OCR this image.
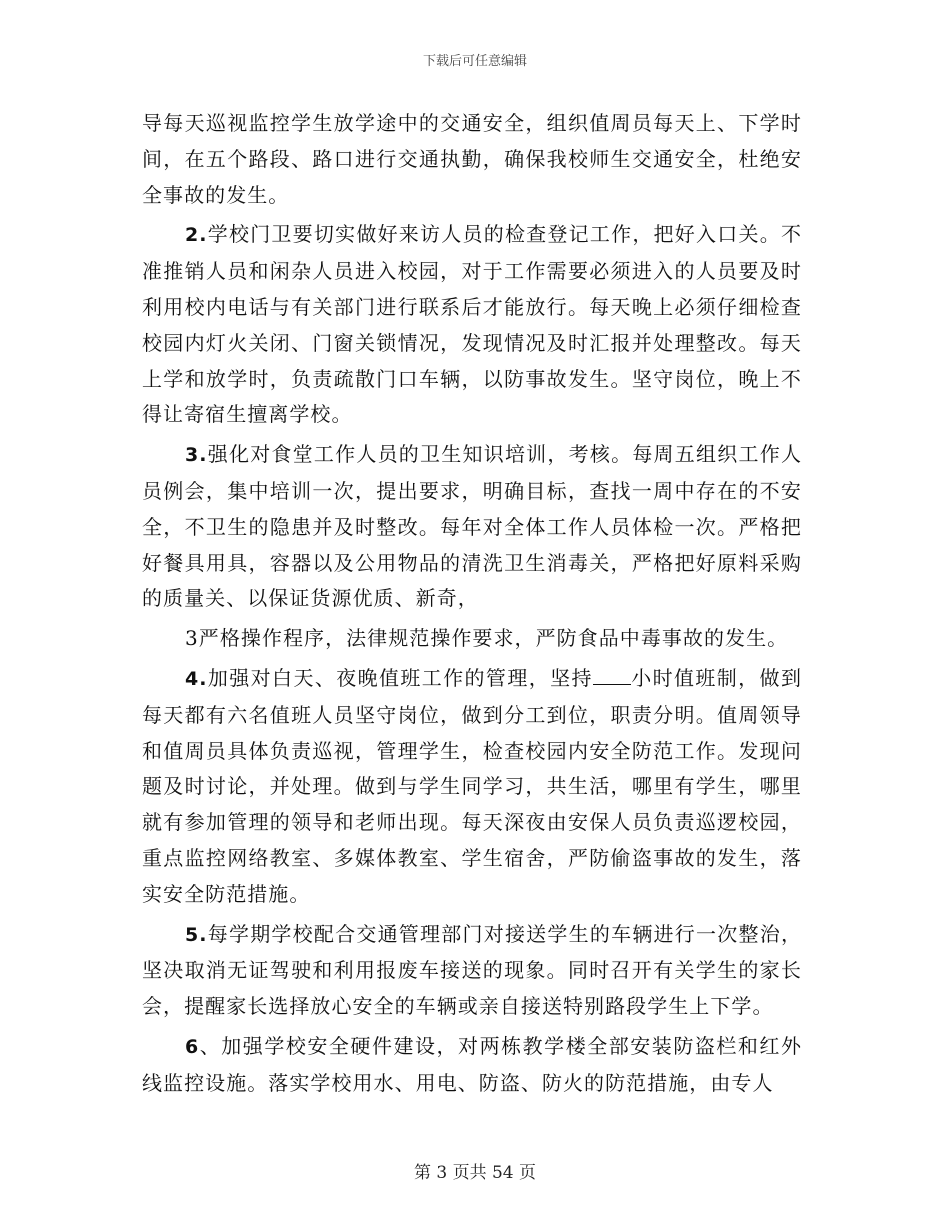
下载后可任意编辑

导每天巡视监控学生放学途中的交通安全，组织值周员每天上、下学时间，在五个路段、路口进行交通执勤，确保我校师生交通安全，杜绝安全事故的发生。

2.学校门卫要切实做好来访人员的检查登记工作，把好入口关。不准推销人员和闲杂人员进入校园，对于工作需要必须进入的人员要及时利用校内电话与有关部门进行联系后才能放行。每天晚上必须仔细检查校园内灯火关闭、门窗关锁情况，发现情况及时汇报并处理整改。每天上学和放学时，负责疏散门口车辆，以防事故发生。坚守岗位，晚上不得让寄宿生擅离学校。

3.强化对食堂工作人员的卫生知识培训，考核。每周五组织工作人员例会，集中培训一次，提出要求，明确目标，查找一周中存在的不安全，不卫生的隐患并及时整改。每年对全体工作人员体检一次。严格把好餐具用具，容器以及公用物品的清洗卫生消毒关，严格把好原料采购的质量关、以保证货源优质、新奇，

3严格操作程序，法律规范操作要求，严防食品中毒事故的发生。

4.加强对白天、夜晚值班工作的管理，坚持 小时值班制，做到每天都有六名值班人员坚守岗位，做到分工到位，职责分明。值周领导和值周员具体负责巡视，管理学生，检查校园内安全防范工作。发现问题及时讨论，并处理。做到与学生同学习，共生活，哪里有学生，哪里就有参加管理的领导和老师出现。每天深夜由安保人员负责巡逻校园，重点监控网络教室、多媒体教室、学生宿舍，严防偷盗事故的发生，落实安全防范措施。

5.每学期学校配合交通管理部门对接送学生的车辆进行一次整治，坚决取消无证驾驶和利用报废车接送的现象。同时召开有关学生的家长会，提醒家长选择放心安全的车辆或亲自接送特别路段学生上下学。

6、加强学校安全硬件建设，对两栋教学楼全部安装防盗栏和红外线监控设施。落实学校用水、用电、防盗、防火的防范措施，由专人

第 3 页共 54 页
